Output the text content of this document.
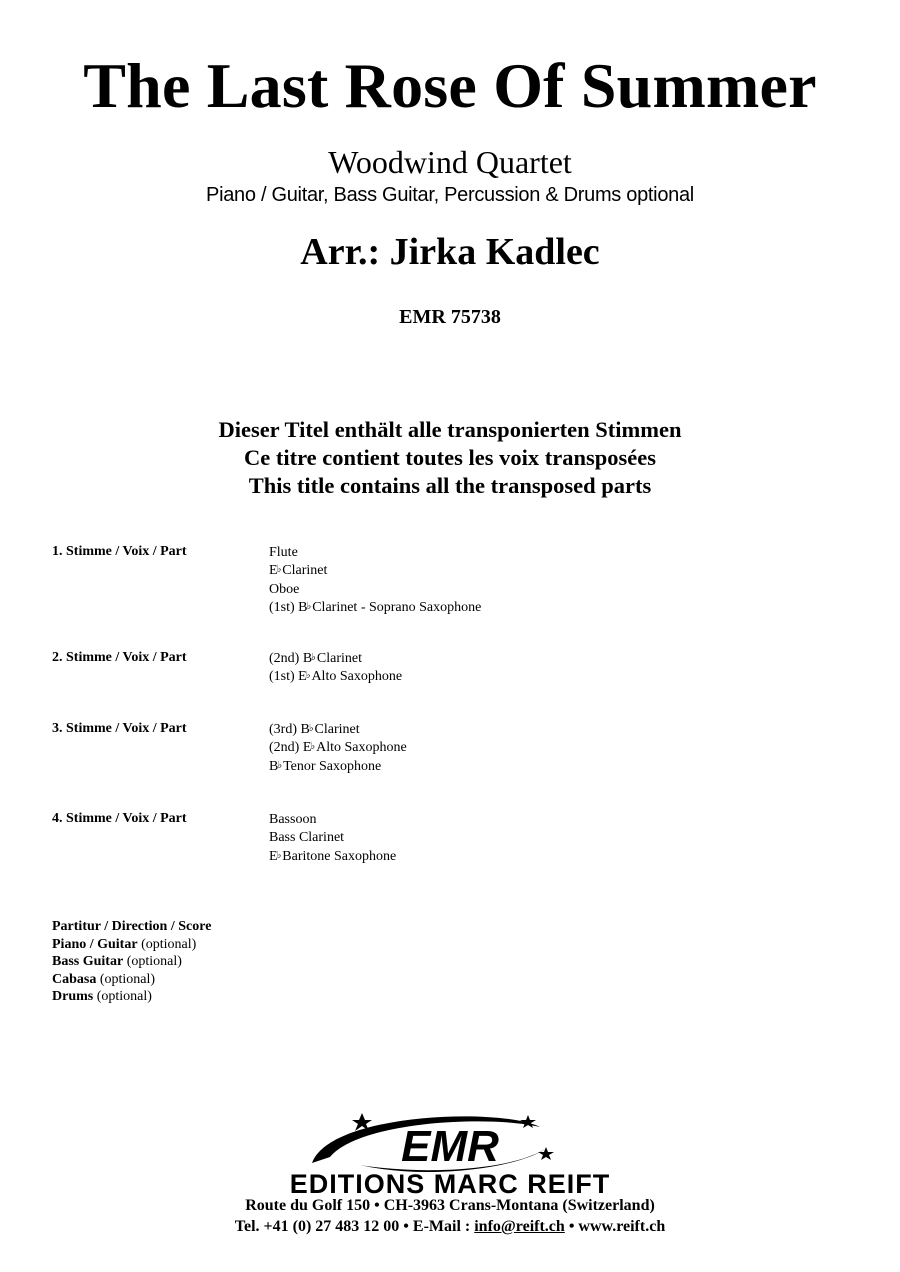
The Last Rose Of Summer
Woodwind Quartet
Piano / Guitar, Bass Guitar, Percussion & Drums optional
Arr.: Jirka Kadlec
EMR 75738
Dieser Titel enthält alle transponierten Stimmen
Ce titre contient toutes les voix transposées
This title contains all the transposed parts
1. Stimme / Voix / Part	Flute
E♭Clarinet
Oboe
(1st) B♭Clarinet - Soprano Saxophone
2. Stimme / Voix / Part	(2nd) B♭Clarinet
(1st) E♭Alto Saxophone
3. Stimme / Voix / Part	(3rd) B♭Clarinet
(2nd) E♭Alto Saxophone
B♭Tenor Saxophone
4. Stimme / Voix / Part	Bassoon
Bass Clarinet
E♭Baritone Saxophone
Partitur / Direction / Score
Piano / Guitar (optional)
Bass Guitar (optional)
Cabasa (optional)
Drums (optional)
EMR
EDITIONS MARC REIFT
Route du Golf 150 • CH-3963 Crans-Montana (Switzerland)
Tel. +41 (0) 27 483 12 00 • E-Mail : info@reift.ch • www.reift.ch
